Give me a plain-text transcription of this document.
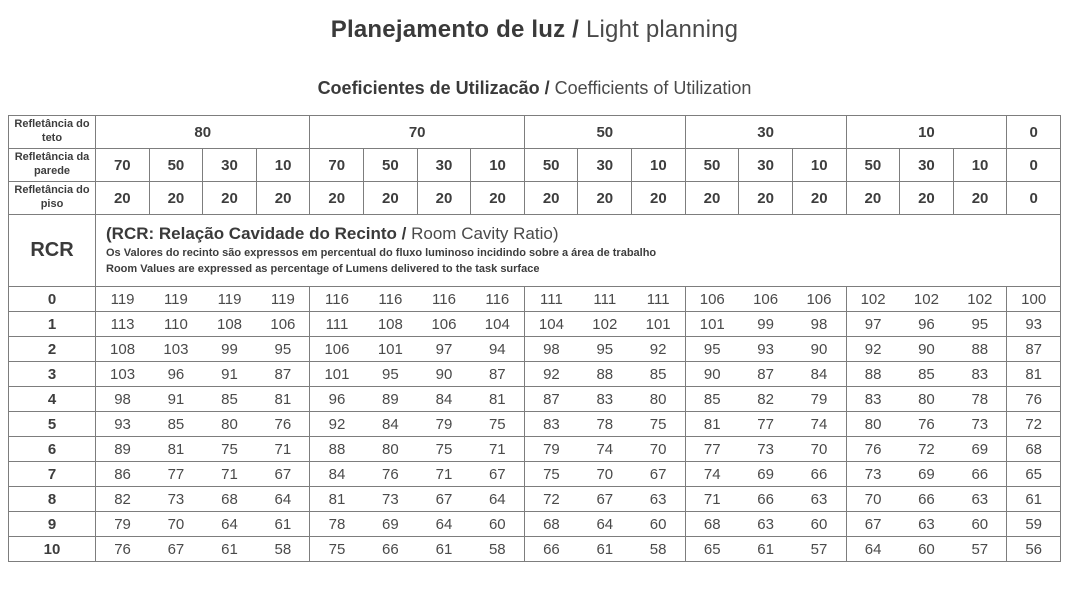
Planejamento de luz / Light planning
Coeficientes de Utilizacão / Coefficients of Utilization
Refletância do teto	80				70				50			30			10			0
Refletância da parede	70	50	30	10	70	50	30	10	50	30	10	50	30	10	50	30	10	0
Refletância do piso	20	20	20	20	20	20	20	20	20	20	20	20	20	20	20	20	20	0
RCR	(RCR: Relação Cavidade do Recinto / Room Cavity Ratio)
Os Valores do recinto são expressos em percentual do fluxo luminoso incidindo sobre a área de trabalho
Room Values are expressed as percentage of Lumens delivered to the task surface																	

0	119	119	119	119	116	116	116	116	111	111	111	106	106	106	102	102	102	100
1	113	110	108	106	111	108	106	104	104	102	101	101	99	98	97	96	95	93
2	108	103	99	95	106	101	97	94	98	95	92	95	93	90	92	90	88	87
3	103	96	91	87	101	95	90	87	92	88	85	90	87	84	88	85	83	81
4	98	91	85	81	96	89	84	81	87	83	80	85	82	79	83	80	78	76
5	93	85	80	76	92	84	79	75	83	78	75	81	77	74	80	76	73	72
6	89	81	75	71	88	80	75	71	79	74	70	77	73	70	76	72	69	68
7	86	77	71	67	84	76	71	67	75	70	67	74	69	66	73	69	66	65
8	82	73	68	64	81	73	67	64	72	67	63	71	66	63	70	66	63	61
9	79	70	64	61	78	69	64	60	68	64	60	68	63	60	67	63	60	59
10	76	67	61	58	75	66	61	58	66	61	58	65	61	57	64	60	57	56
